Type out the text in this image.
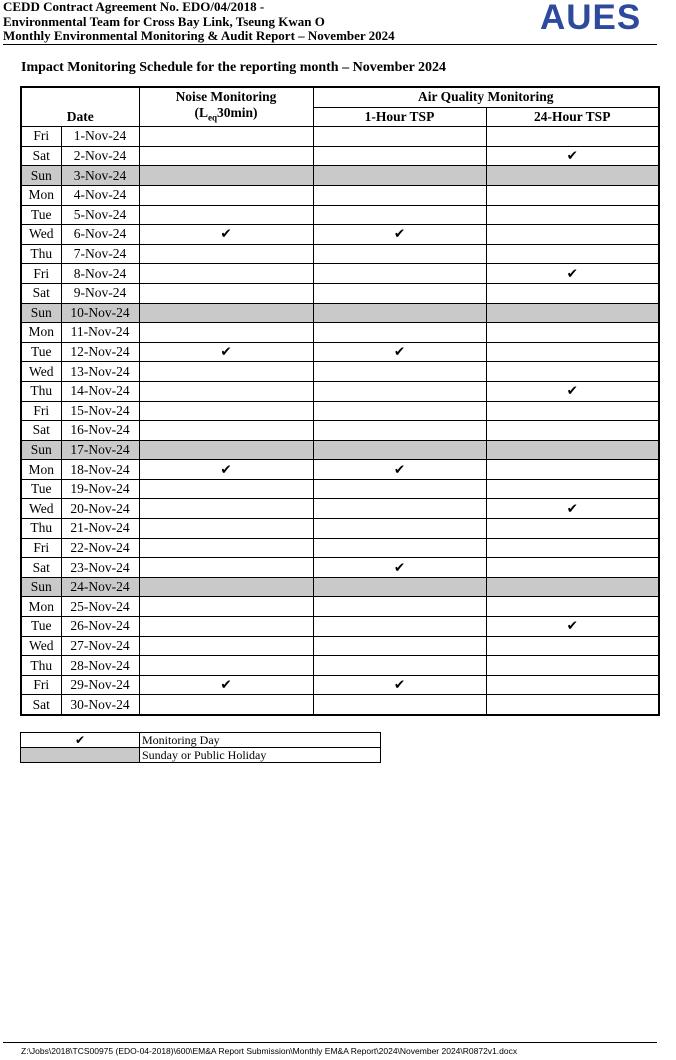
CEDD Contract Agreement No. EDO/04/2018 -
Environmental Team for Cross Bay Link, Tseung Kwan O
Monthly Environmental Monitoring & Audit Report – November 2024	AUES
Impact Monitoring Schedule for the reporting month – November 2024
Date		Noise Monitoring
$(L_{eq}30\min)$	Air Quality Monitoring	
			1-Hour TSP	24-Hour TSP
Fri	1-Nov-24			
Sat	2-Nov-24			✔
Sun	3-Nov-24			
Mon	4-Nov-24			
Tue	5-Nov-24			
Wed	6-Nov-24	✔	✔	
Thu	7-Nov-24			
Fri	8-Nov-24			✔
Sat	9-Nov-24			
Sun	10-Nov-24			
Mon	11-Nov-24			
Tue	12-Nov-24	✔	✔	
Wed	13-Nov-24			
Thu	14-Nov-24			✔
Fri	15-Nov-24			
Sat	16-Nov-24			
Sun	17-Nov-24			
Mon	18-Nov-24	✔	✔	
Tue	19-Nov-24			
Wed	20-Nov-24			✔
Thu	21-Nov-24			
Fri	22-Nov-24			
Sat	23-Nov-24		✔	
Sun	24-Nov-24			
Mon	25-Nov-24			
Tue	26-Nov-24			✔
Wed	27-Nov-24			
Thu	28-Nov-24			
Fri	29-Nov-24	✔	✔	
Sat	30-Nov-24			
✔	Monitoring Day
	Sunday or Public Holiday
Z:\Jobs\2018\TCS00975 (EDO-04-2018)\600\EM&A Report Submission\Monthly EM&A Report\2024\November 2024\R0872v1.docx
